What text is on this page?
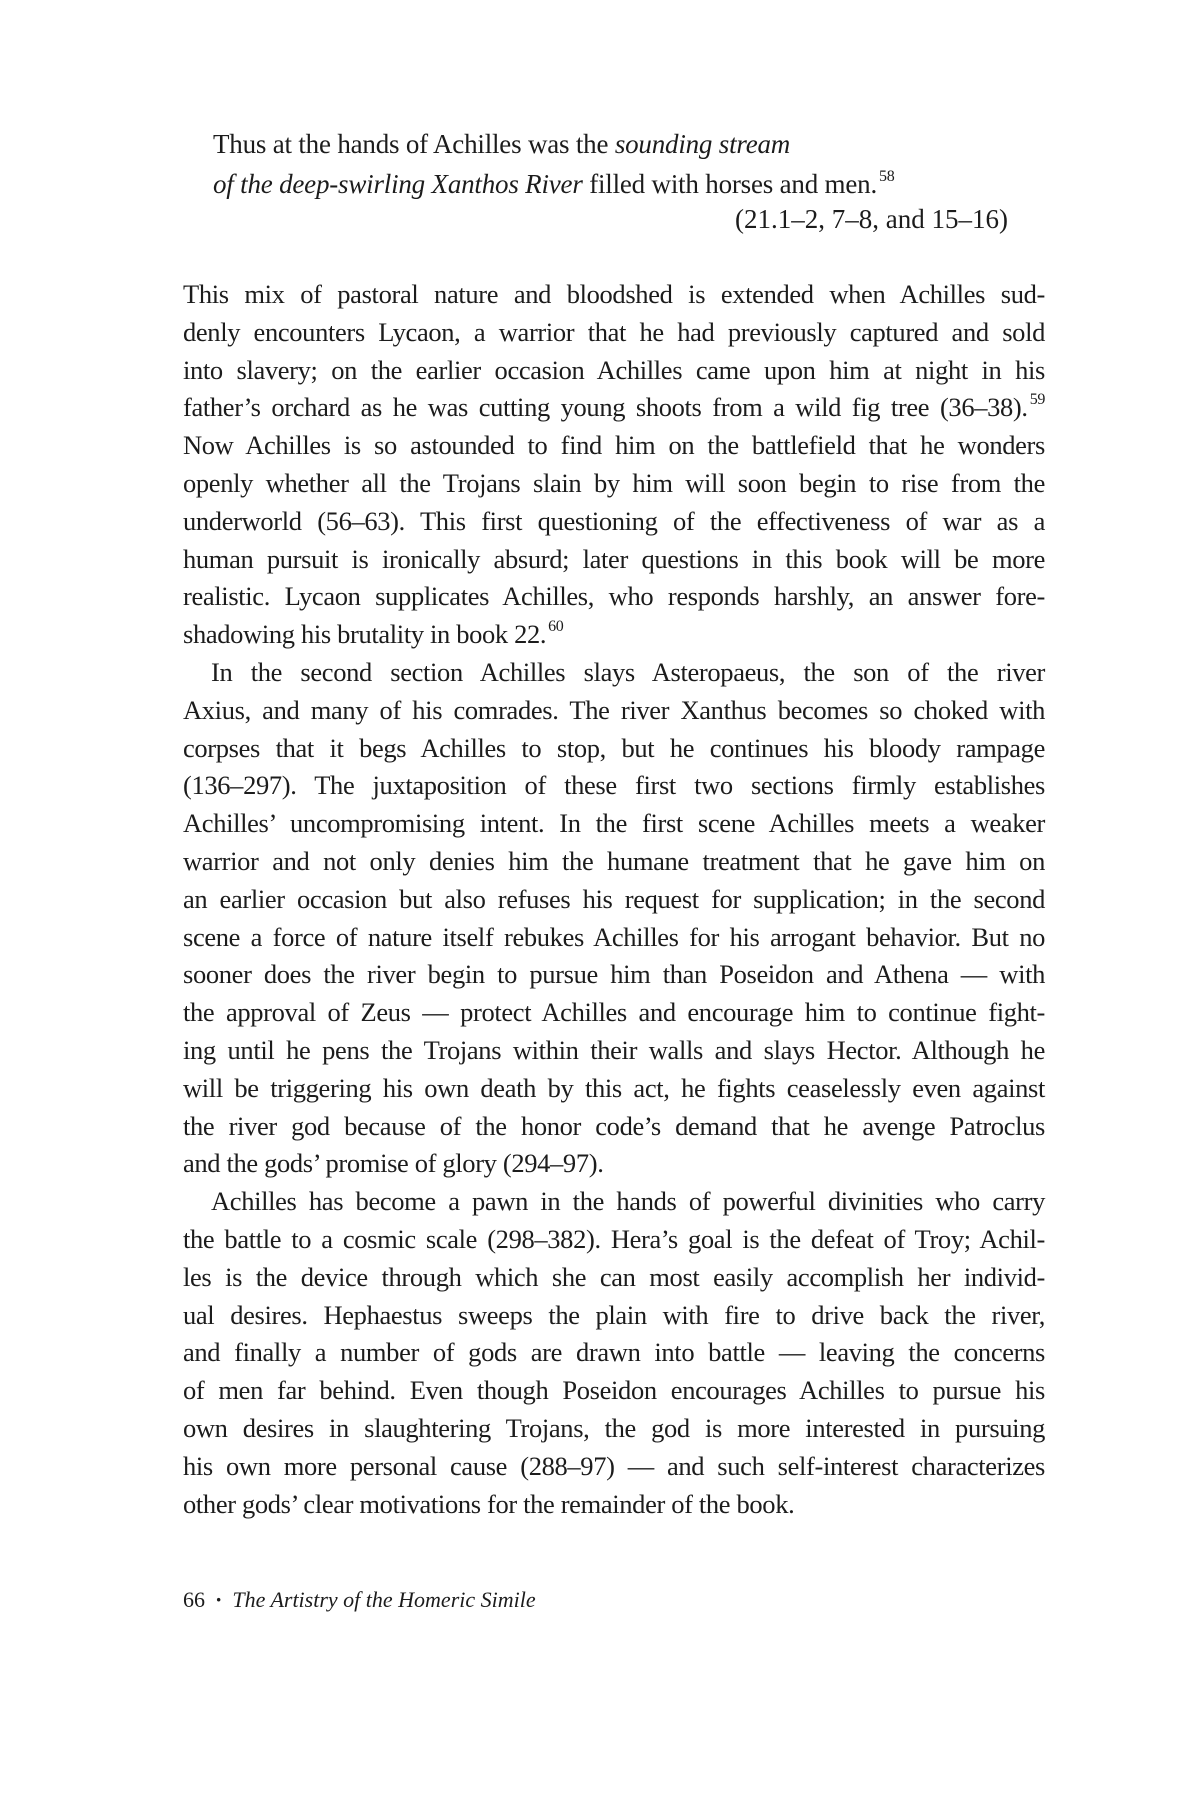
Thus at the hands of Achilles was the sounding stream
of the deep-swirling Xanthos River filled with horses and men. $^{58}$
(21.1–2, 7–8, and 15–16)
This mix of pastoral nature and bloodshed is extended when Achilles sud-
denly encounters Lycaon, a warrior that he had previously captured and sold
into slavery; on the earlier occasion Achilles came upon him at night in his
father’s orchard as he was cutting young shoots from a wild fig tree (36–38). $^{59}$
Now Achilles is so astounded to find him on the battlefield that he wonders
openly whether all the Trojans slain by him will soon begin to rise from the
underworld (56–63). This first questioning of the effectiveness of war as a
human pursuit is ironically absurd; later questions in this book will be more
realistic. Lycaon supplicates Achilles, who responds harshly, an answer fore-
shadowing his brutality in book 22. $^{60}$
In the second section Achilles slays Asteropaeus, the son of the river
Axius, and many of his comrades. The river Xanthus becomes so choked with
corpses that it begs Achilles to stop, but he continues his bloody rampage
(136–297). The juxtaposition of these first two sections firmly establishes
Achilles’ uncompromising intent. In the first scene Achilles meets a weaker
warrior and not only denies him the humane treatment that he gave him on
an earlier occasion but also refuses his request for supplication; in the second
scene a force of nature itself rebukes Achilles for his arrogant behavior. But no
sooner does the river begin to pursue him than Poseidon and Athena — with
the approval of Zeus — protect Achilles and encourage him to continue fight-
ing until he pens the Trojans within their walls and slays Hector. Although he
will be triggering his own death by this act, he fights ceaselessly even against
the river god because of the honor code’s demand that he avenge Patroclus
and the gods’ promise of glory (294–97).
Achilles has become a pawn in the hands of powerful divinities who carry
the battle to a cosmic scale (298–382). Hera’s goal is the defeat of Troy; Achil-
les is the device through which she can most easily accomplish her individ-
ual desires. Hephaestus sweeps the plain with fire to drive back the river,
and finally a number of gods are drawn into battle — leaving the concerns
of men far behind. Even though Poseidon encourages Achilles to pursue his
own desires in slaughtering Trojans, the god is more interested in pursuing
his own more personal cause (288–97) — and such self-interest characterizes
other gods’ clear motivations for the remainder of the book.
66 · The Artistry of the Homeric Simile
